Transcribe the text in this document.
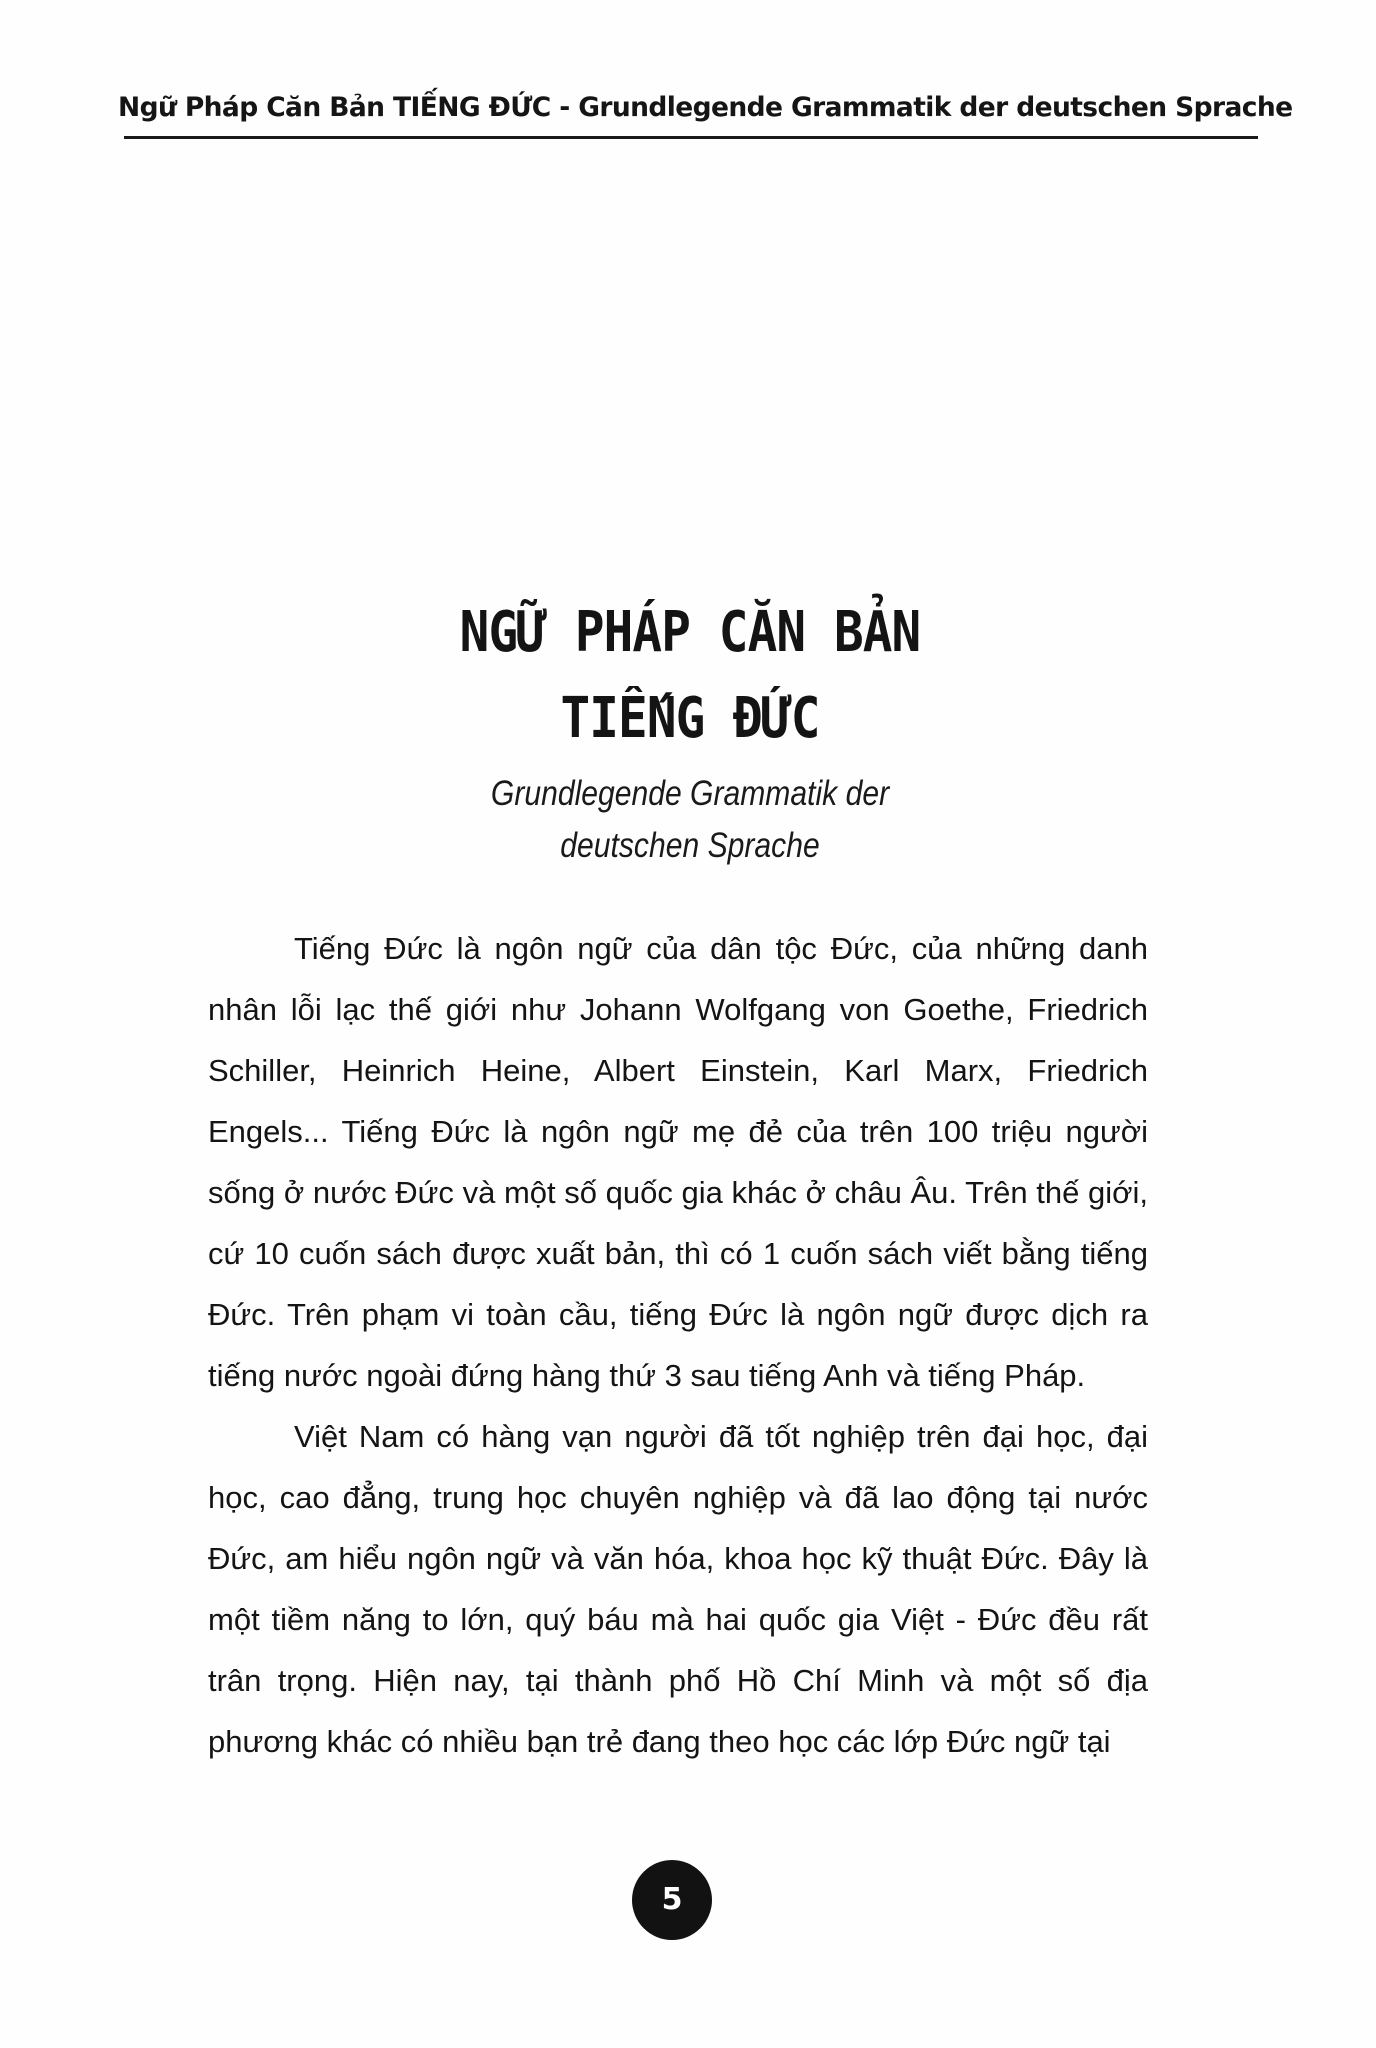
Ngữ Pháp Căn Bản TIẾNG ĐỨC - Grundlegende Grammatik der deutschen Sprache
NGỮ PHÁP CĂN BẢN
TIẾNG ĐỨC
Grundlegende Grammatik der
deutschen Sprache

Tiếng Đức là ngôn ngữ của dân tộc Đức, của những danh nhân lỗi lạc thế giới như Johann Wolfgang von Goethe, Friedrich Schiller, Heinrich Heine, Albert Einstein, Karl Marx, Friedrich Engels... Tiếng Đức là ngôn ngữ mẹ đẻ của trên 100 triệu người sống ở nước Đức và một số quốc gia khác ở châu Âu. Trên thế giới, cứ 10 cuốn sách được xuất bản, thì có 1 cuốn sách viết bằng tiếng Đức. Trên phạm vi toàn cầu, tiếng Đức là ngôn ngữ được dịch ra tiếng nước ngoài đứng hàng thứ 3 sau tiếng Anh và tiếng Pháp.

Việt Nam có hàng vạn người đã tốt nghiệp trên đại học, đại học, cao đẳng, trung học chuyên nghiệp và đã lao động tại nước Đức, am hiểu ngôn ngữ và văn hóa, khoa học kỹ thuật Đức. Đây là một tiềm năng to lớn, quý báu mà hai quốc gia Việt - Đức đều rất trân trọng. Hiện nay, tại thành phố Hồ Chí Minh và một số địa phương khác có nhiều bạn trẻ đang theo học các lớp Đức ngữ tại

5
